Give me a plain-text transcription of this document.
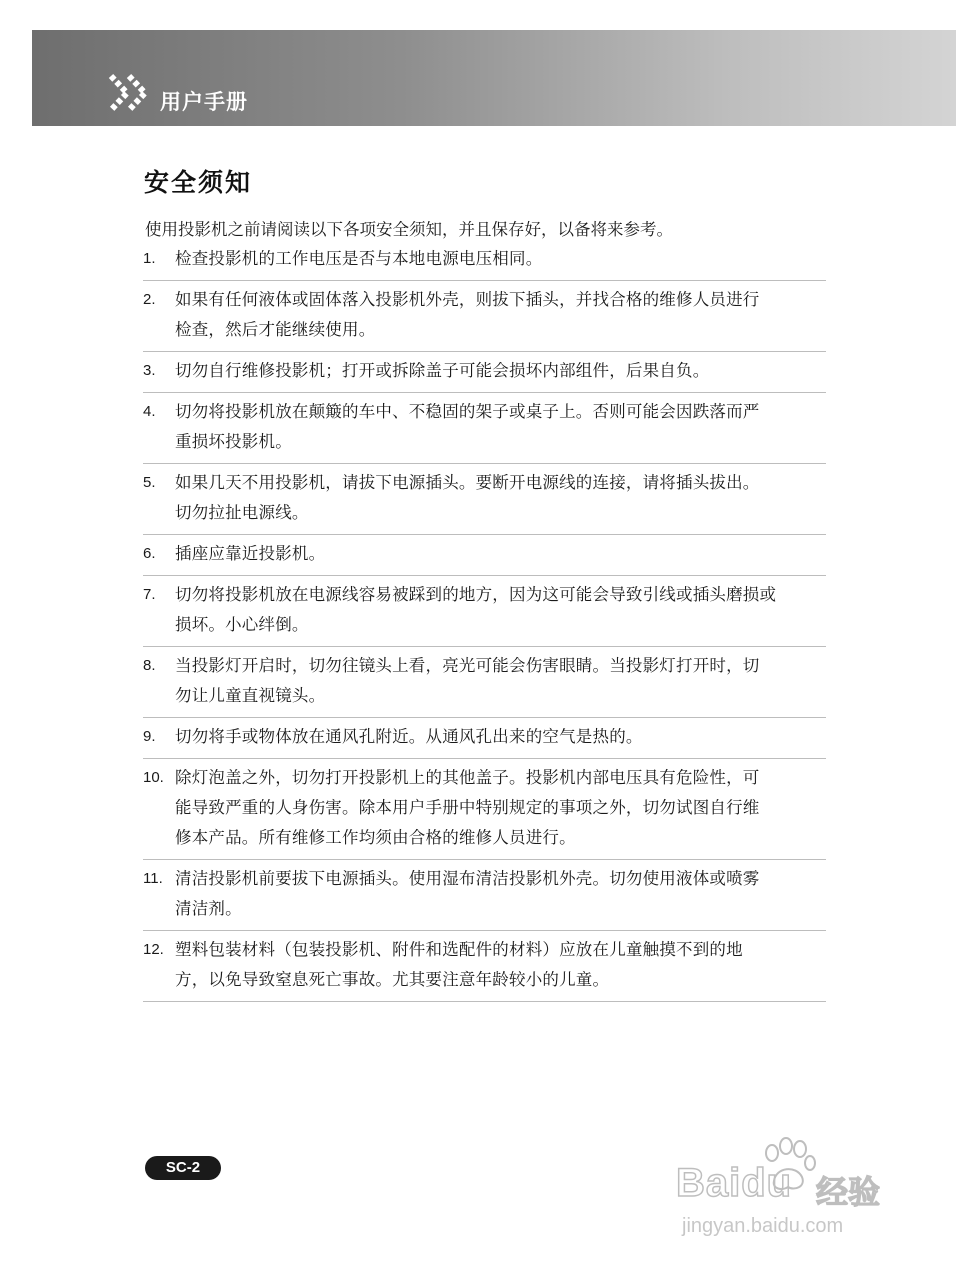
用户手册
安全须知
使用投影机之前请阅读以下各项安全须知，并且保存好，以备将来参考。
1.	检查投影机的工作电压是否与本地电源电压相同。
2.	如果有任何液体或固体落入投影机外壳，则拔下插头，并找合格的维修人员进行
检查，然后才能继续使用。
3.	切勿自行维修投影机；打开或拆除盖子可能会损坏内部组件，后果自负。
4.	切勿将投影机放在颠簸的车中、不稳固的架子或桌子上。否则可能会因跌落而严
重损坏投影机。
5.	如果几天不用投影机，请拔下电源插头。要断开电源线的连接，请将插头拔出。
切勿拉扯电源线。
6.	插座应靠近投影机。
7.	切勿将投影机放在电源线容易被踩到的地方，因为这可能会导致引线或插头磨损或
损坏。小心绊倒。
8.	当投影灯开启时，切勿往镜头上看，亮光可能会伤害眼睛。当投影灯打开时，切
勿让儿童直视镜头。
9.	切勿将手或物体放在通风孔附近。从通风孔出来的空气是热的。
10. 除灯泡盖之外，切勿打开投影机上的其他盖子。投影机内部电压具有危险性，可
能导致严重的人身伤害。除本用户手册中特别规定的事项之外，切勿试图自行维
修本产品。所有维修工作均须由合格的维修人员进行。
11. 清洁投影机前要拔下电源插头。使用湿布清洁投影机外壳。切勿使用液体或喷雾
清洁剂。
12. 塑料包装材料（包装投影机、附件和选配件的材料）应放在儿童触摸不到的地
方，以免导致窒息死亡事故。尤其要注意年龄较小的儿童。
SC-2	Baidu 经验
jingyan.baidu.com
